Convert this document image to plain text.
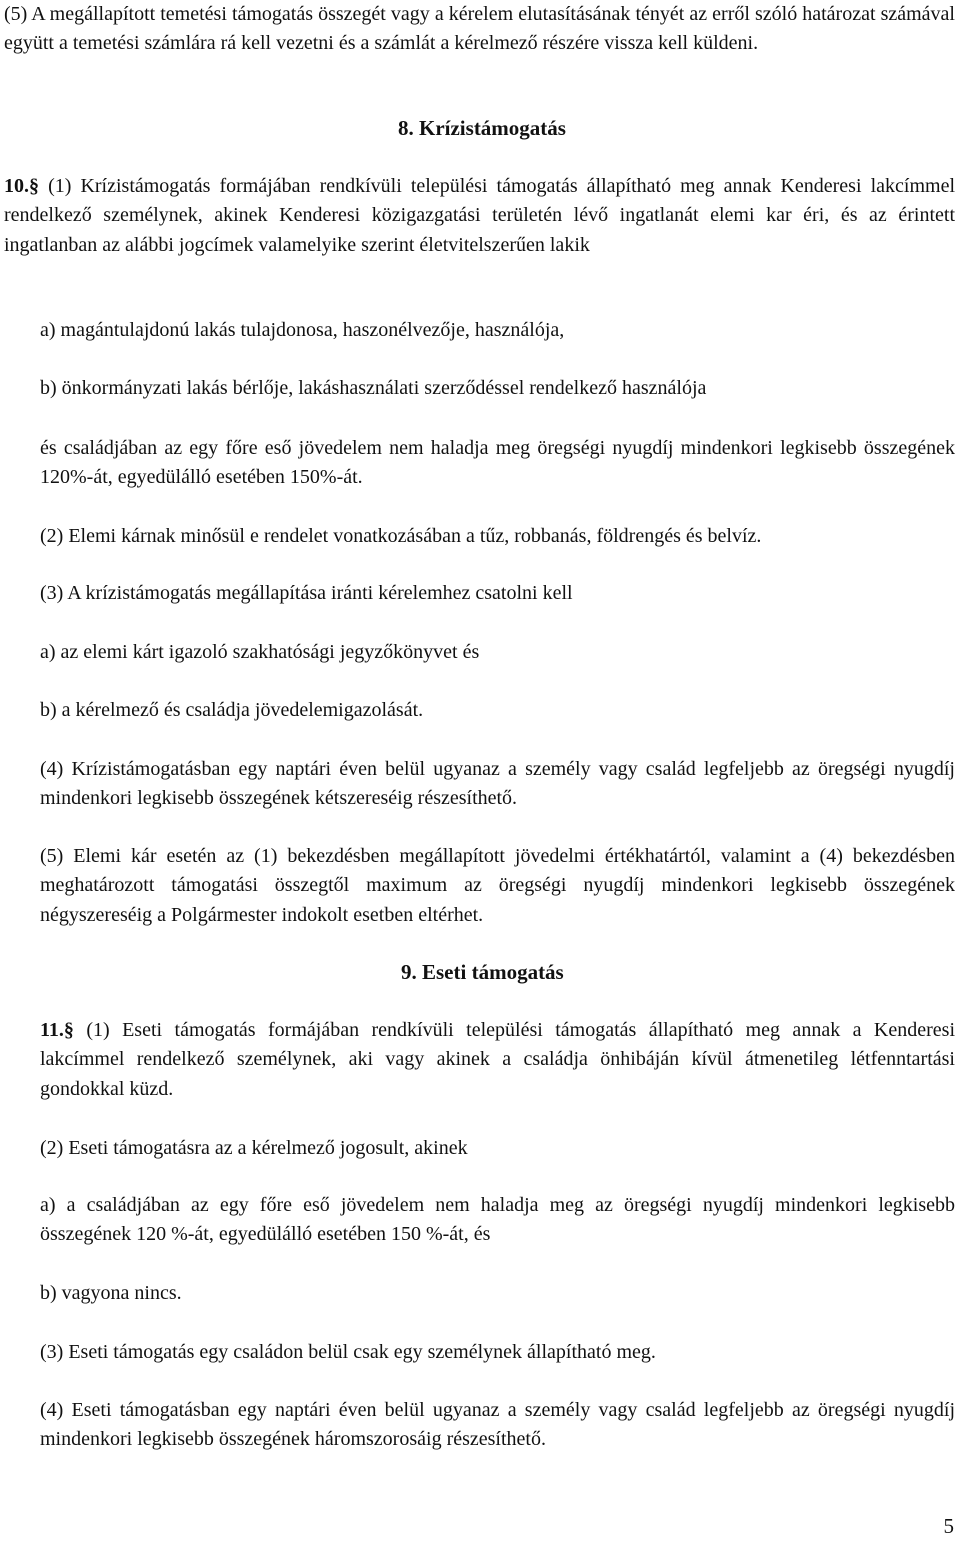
(5) A megállapított temetési támogatás összegét vagy a kérelem elutasításának tényét az erről szóló határozat számával együtt a temetési számlára rá kell vezetni és a számlát a kérelmező részére vissza kell küldeni.

8. Krízistámogatás

10.§ (1) Krízistámogatás formájában rendkívüli települési támogatás állapítható meg annak Kenderesi lakcímmel rendelkező személynek, akinek Kenderesi közigazgatási területén lévő ingatlanát elemi kar éri, és az érintett ingatlanban az alábbi jogcímek valamelyike szerint életvitelszerűen lakik

a) magántulajdonú lakás tulajdonosa, haszonélvezője, használója,

b) önkormányzati lakás bérlője, lakáshasználati szerződéssel rendelkező használója

és családjában az egy főre eső jövedelem nem haladja meg öregségi nyugdíj mindenkori legkisebb összegének 120%-át, egyedülálló esetében 150%-át.

(2) Elemi kárnak minősül e rendelet vonatkozásában a tűz, robbanás, földrengés és belvíz.

(3) A krízistámogatás megállapítása iránti kérelemhez csatolni kell

a) az elemi kárt igazoló szakhatósági jegyzőkönyvet és

b) a kérelmező és családja jövedelemigazolását.

(4) Krízistámogatásban egy naptári éven belül ugyanaz a személy vagy család legfeljebb az öregségi nyugdíj mindenkori legkisebb összegének kétszereséig részesíthető.

(5) Elemi kár esetén az (1) bekezdésben megállapított jövedelmi értékhatártól, valamint a (4) bekezdésben meghatározott támogatási összegtől maximum az öregségi nyugdíj mindenkori legkisebb összegének négyszereséig a Polgármester indokolt esetben eltérhet.

9. Eseti támogatás

11.§ (1) Eseti támogatás formájában rendkívüli települési támogatás állapítható meg annak a Kenderesi lakcímmel rendelkező személynek, aki vagy akinek a családja önhibáján kívül átmenetileg létfenntartási gondokkal küzd.

(2) Eseti támogatásra az a kérelmező jogosult, akinek

a) a családjában az egy főre eső jövedelem nem haladja meg az öregségi nyugdíj mindenkori legkisebb összegének 120 %-át, egyedülálló esetében 150 %-át, és

b) vagyona nincs.

(3) Eseti támogatás egy családon belül csak egy személynek állapítható meg.

(4) Eseti támogatásban egy naptári éven belül ugyanaz a személy vagy család legfeljebb az öregségi nyugdíj mindenkori legkisebb összegének háromszorosáig részesíthető.

5
